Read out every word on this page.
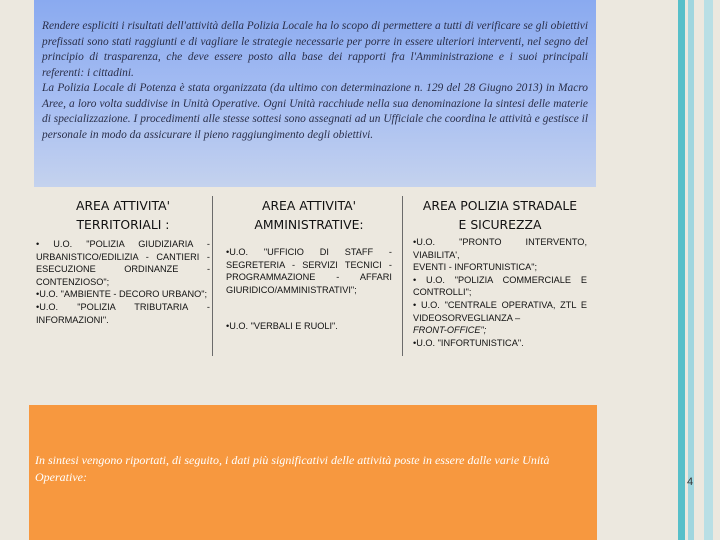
Rendere espliciti i risultati dell'attività della Polizia Locale ha lo scopo di permettere a tutti di verificare se gli obiettivi prefissati sono stati raggiunti e di vagliare le strategie necessarie per porre in essere ulteriori interventi, nel segno del principio di trasparenza, che deve essere posto alla base dei rapporti fra l'Amministrazione e i suoi principali referenti: i cittadini.

La Polizia Locale di Potenza è stata organizzata (da ultimo con determinazione n. 129 del 28 Giugno 2013) in Macro Aree, a loro volta suddivise in Unità Operative. Ogni Unità racchiude nella sua denominazione la sintesi delle materie di specializzazione. I procedimenti alle stesse sottesi sono assegnati ad un Ufficiale che coordina le attività e gestisce il personale in modo da assicurare il pieno raggiungimento degli obiettivi.

AREA ATTIVITA'
TERRITORIALI :
• U.O. "POLIZIA GIUDIZIARIA - URBANISTICO/EDILIZIA - CANTIERI - ESECUZIONE ORDINANZE -CONTENZIOSO";
•U.O. "AMBIENTE - DECORO URBANO";
•U.O. "POLIZIA TRIBUTARIA - INFORMAZIONI".
AREA ATTIVITA'
AMMINISTRATIVE:
•U.O. "UFFICIO DI STAFF - SEGRETERIA - SERVIZI TECNICI - PROGRAMMAZIONE - AFFARI GIURIDICO/AMMINISTRATIVI";
•U.O. "VERBALI E RUOLI".
AREA POLIZIA STRADALE
E SICUREZZA
•U.O. "PRONTO INTERVENTO, VIABILITA',
EVENTI - INFORTUNISTICA";
• U.O. "POLIZIA COMMERCIALE E CONTROLLI";
• U.O. "CENTRALE OPERATIVA, ZTL E VIDEOSORVEGLIANZA –
FRONT-OFFICE";
•U.O. "INFORTUNISTICA".

In sintesi vengono riportati, di seguito, i dati più significativi delle attività poste in essere dalle varie Unità Operative:	4
